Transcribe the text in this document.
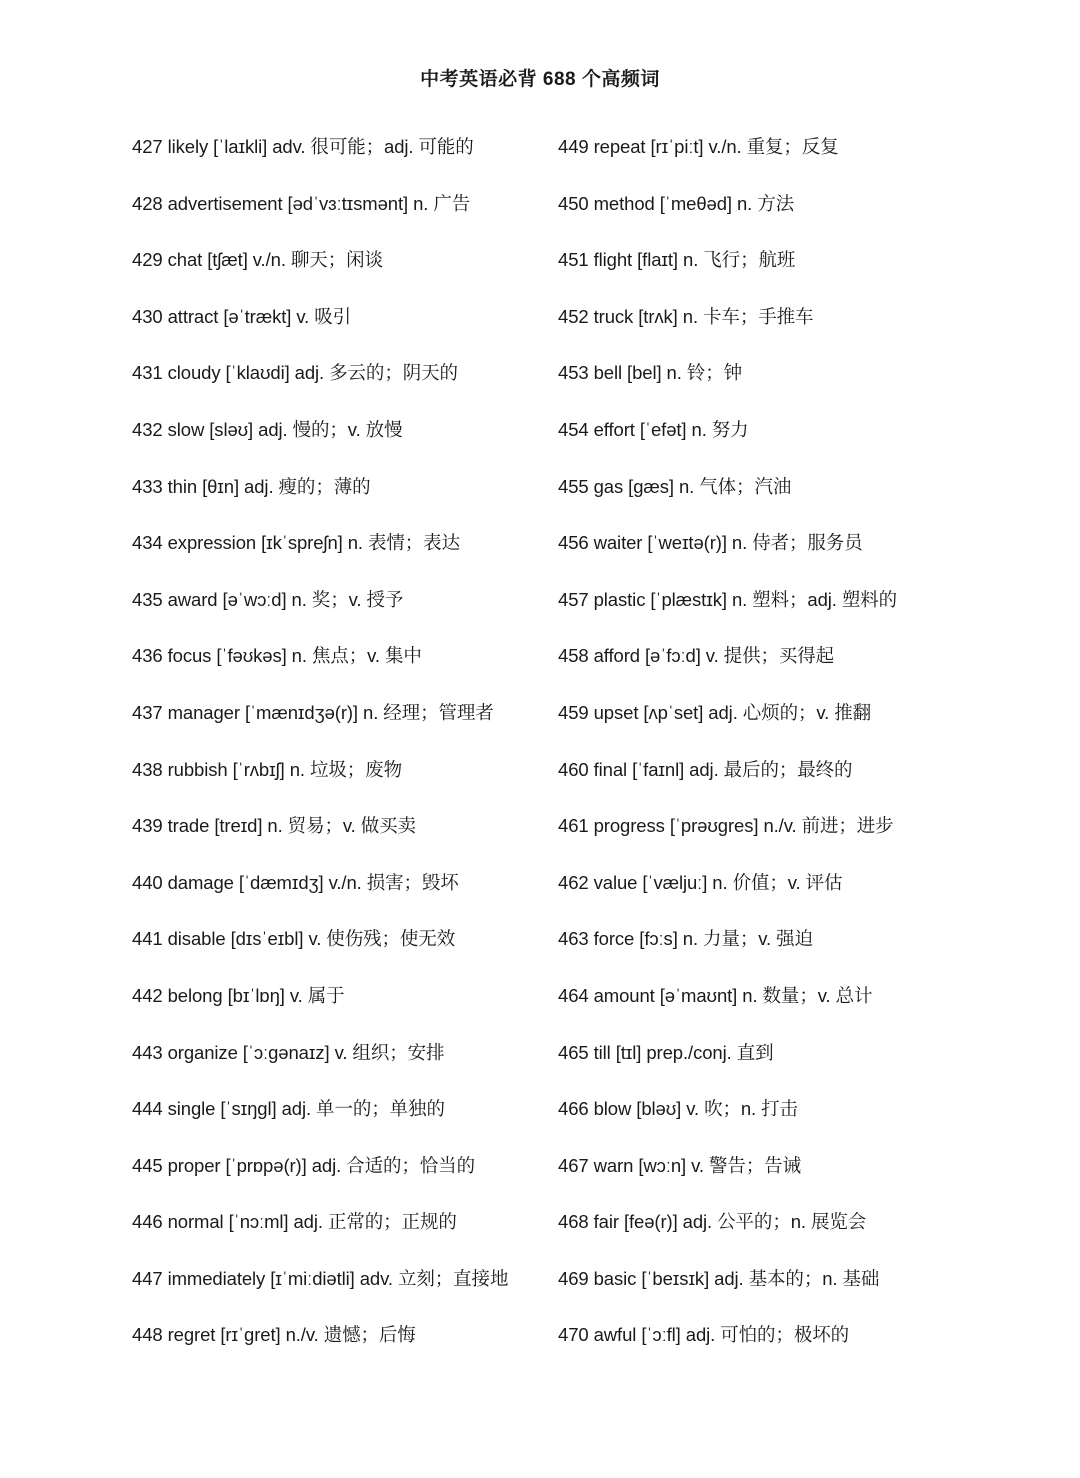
中考英语必背 688 个高频词
427 likely [ˈlaɪkli] adv. 很可能；adj. 可能的
428 advertisement [ədˈvɜːtɪsmənt] n. 广告
429 chat [tʃæt] v./n. 聊天；闲谈
430 attract [əˈtrækt] v. 吸引
431 cloudy [ˈklaʊdi] adj. 多云的；阴天的
432 slow [sləʊ] adj. 慢的；v. 放慢
433 thin [θɪn] adj. 瘦的；薄的
434 expression [ɪkˈspreʃn] n. 表情；表达
435 award [əˈwɔːd] n. 奖；v. 授予
436 focus [ˈfəʊkəs] n. 焦点；v. 集中
437 manager [ˈmænɪdʒə(r)] n. 经理；管理者
438 rubbish [ˈrʌbɪʃ] n. 垃圾；废物
439 trade [treɪd] n. 贸易；v. 做买卖
440 damage [ˈdæmɪdʒ] v./n. 损害；毁坏
441 disable [dɪsˈeɪbl] v. 使伤残；使无效
442 belong [bɪˈlɒŋ] v. 属于
443 organize [ˈɔːɡənaɪz] v. 组织；安排
444 single [ˈsɪŋɡl] adj. 单一的；单独的
445 proper [ˈprɒpə(r)] adj. 合适的；恰当的
446 normal [ˈnɔːml] adj. 正常的；正规的
447 immediately [ɪˈmiːdiətli] adv. 立刻；直接地
448 regret [rɪˈɡret] n./v. 遗憾；后悔
449 repeat [rɪˈpiːt] v./n. 重复；反复
450 method [ˈmeθəd] n. 方法
451 flight [flaɪt] n. 飞行；航班
452 truck [trʌk] n. 卡车；手推车
453 bell [bel] n. 铃；钟
454 effort [ˈefət] n. 努力
455 gas [ɡæs] n. 气体；汽油
456 waiter [ˈweɪtə(r)] n. 侍者；服务员
457 plastic [ˈplæstɪk] n. 塑料；adj. 塑料的
458 afford [əˈfɔːd] v. 提供；买得起
459 upset [ʌpˈset] adj. 心烦的；v. 推翻
460 final [ˈfaɪnl] adj. 最后的；最终的
461 progress [ˈprəʊɡres] n./v. 前进；进步
462 value [ˈvæljuː] n. 价值；v. 评估
463 force [fɔːs] n. 力量；v. 强迫
464 amount [əˈmaʊnt] n. 数量；v. 总计
465 till [tɪl] prep./conj. 直到
466 blow [bləʊ] v. 吹；n. 打击
467 warn [wɔːn] v. 警告；告诫
468 fair [feə(r)] adj. 公平的；n. 展览会
469 basic [ˈbeɪsɪk] adj. 基本的；n. 基础
470 awful [ˈɔːfl] adj. 可怕的；极坏的
